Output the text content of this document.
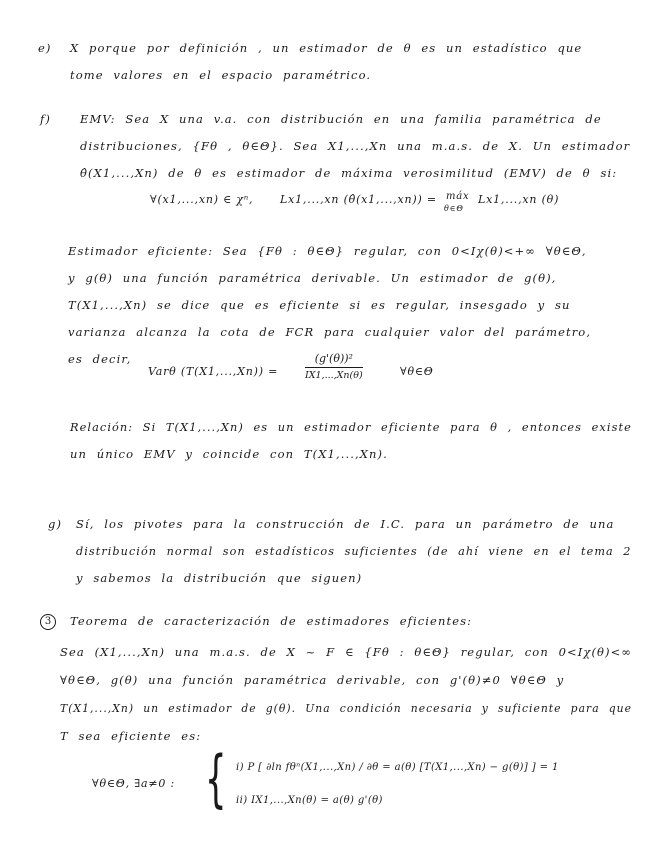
e) X porque por definición , un estimador de θ es un estadístico que
tome valores en el espacio paramétrico.
f)	EMV: Sea X una v.a. con distribución en una familia paramétrica de
distribuciones, {Fθ , θ∈Θ}. Sea X1,...,Xn una m.a.s. de X. Un estimador
θ̂(X1,...,Xn) de θ es estimador de máxima verosimilitud (EMV) de θ si:
∀(x1,...,xn) ∈ χⁿ, Lx1,...,xn (θ̂(x1,...,xn)) = máx
θ∈Θ
Lx1,...,xn (θ)
Estimador eficiente: Sea {Fθ : θ∈Θ} regular, con 0<Iχ(θ)<+∞ ∀θ∈Θ,
y g(θ) una función paramétrica derivable. Un estimador de g(θ),
T(X1,...,Xn) se dice que es eficiente si es regular, insesgado y su
varianza alcanza la cota de FCR para cualquier valor del parámetro,
es decir,
Varθ $(T(X1,...,Xn)) = \frac{\text{(g'(θ))²}}{IX1,...,Xn(\theta)}$	∀θ∈Θ
Relación: Si T(X1,...,Xn) es un estimador eficiente para θ , entonces existe
un único EMV y coincide con T(X1,...,Xn).
g) Sí, los pivotes para la construcción de I.C. para un parámetro de una
distribución normal son estadísticos suficientes (de ahí viene en el tema 2
y sabemos la distribución que siguen)
3	Teorema de caracterización de estimadores eficientes:
Sea (X1,...,Xn) una m.a.s. de X ~ F ∈ {Fθ : θ∈Θ} regular, con 0<Iχ(θ)<∞
∀θ∈Θ, g(θ) una función paramétrica derivable, con g'(θ)≠0 ∀θ∈Θ y
T(X1,...,Xn) un estimador de g(θ). Una condición necesaria y suficiente para que
T sea eficiente es:
∀θ∈Θ, ∃a≠0 : { i) P [ ∂ln fθⁿ(X1,...,Xn) / ∂θ = a(θ) [T(X1,...,Xn) − g(θ)] ] = 1
ii) IX1,...,Xn(θ) = a(θ) g'(θ)
